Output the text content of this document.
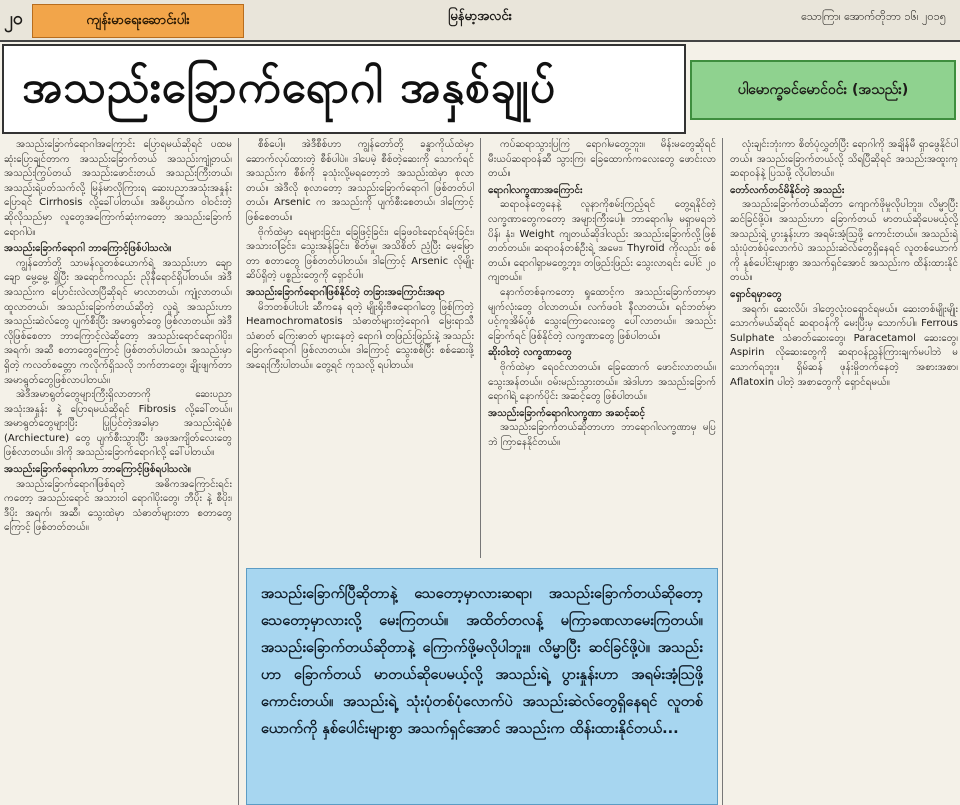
၂၀	ကျန်းမာရေးဆောင်းပါး	မြန်မာ့အလင်း	သောကြာ၊ အောက်တိုဘာ ၁၆၊ ၂၀၁၅
အသည်းခြောက်ရောဂါ အနှစ်ချုပ်	ပါမောက္ခခင်မောင်ဝင်း (အသည်း)

အသည်းခြောက်ရောဂါအကြောင်း ပြောရမယ်ဆိုရင် ပထမဆုံးပြောချင်တာက အသည်းခြောက်တယ် အသည်းကျုံ့တယ်၊ အသည်းကြွပ်တယ် အသည်းဖောင်းတယ် အသည်းကြီးတယ်၊ အသည်းရဲ့ပတ်သက်လို့ မြန်မာလိုကြားရ ဆေးပညာအသုံးအနှုန်းပြောရင် Cirrhosis လို့ခေါ်ပါတယ်။ အဓိပ္ပာယ်က ဝါဝင်းတဲ့ဆိုလိုသည်မှာ လူတွေအကြောက်ဆုံးကတော့ အသည်းခြောက်ရောဂါပဲ။

အသည်းခြောက်ရောဂါ ဘာကြောင့်ဖြစ်ပါသလဲ။

ကျွန်တော်တို့ သာမန်လူတစ်ယောက်ရဲ့ အသည်းဟာ ချောချော မွေ့မွေ့ ရှိပြီး အရောင်ကလည်း ညိုနီရောင်ရှိပါတယ်။ အဲဒီအသည်းက ပြောင်းလဲလာပြီဆိုရင် မာလာတယ်၊ ကျုံ့လာတယ်၊ ထူလာတယ်၊ အသည်းခြောက်တယ်ဆိုတဲ့ လူရဲ့ အသည်းဟာ အသည်းဆဲလ်တွေ ပျက်စီးပြီး အမာရွတ်တွေ ဖြစ်လာတယ်။ အဲဒီလိုဖြစ်စေတာ ဘာကြောင့်လဲဆိုတော့ အသည်းရောင်ရောဂါပိုး၊ အရက်၊ အဆီ စတာတွေကြောင့် ဖြစ်တတ်ပါတယ်။ အသည်းမှာရှိတဲ့ ကလတ်စတ္တော ကလိုက်ရှိသလို ဘက်တာတွေ၊ ချိုးဖျက်တာ အမာရွတ်တွေဖြစ်လာပါတယ်။

အဲဒီအမာရွတ်တွေများကြီးရှိလာတာကို ဆေးပညာအသုံးအနှုန်း နဲ့ ပြောရမယ်ဆိုရင် Fibrosis လို့ခေါ်တယ်။ အမာရွတ်တွေများပြီး ပြုပြင်တဲ့အခါမှာ အသည်းရဲ့ပုံစံ (Archiecture) တွေ ပျက်စီးသွားပြီး အဖုအကျိတ်လေးတွေဖြစ်လာတယ်။ ဒါကို အသည်းခြောက်ရောဂါလို့ ခေါ်ပါတယ်။

အသည်းခြောက်ရောဂါဟာ ဘာကြောင့်ဖြစ်ရပါသလဲ။

အသည်းခြောက်ရောဂါဖြစ်ရတဲ့ အဓိကအကြောင်းရင်းကတော့ အသည်းရောင် အသားဝါ ရောဂါပိုးတွေ၊ ဘီပိုး နဲ့ စီပိုး၊ ဒီပိုး အရက်၊ အဆီ၊ သွေးထဲမှာ သံဓာတ်များတာ စတာတွေကြောင့် ဖြစ်တတ်တယ်။

စီစ်ပေါ့။ အဲဒီစီစ်ဟာ ကျွန်တော်တို့ ခန္ဓာကိုယ်ထဲမှာ ဆောက်လုပ်ထားတဲ့ စီစ်ပါပဲ။ ဒါပေမဲ့ စီစ်တဲ့ဆေးကို သောက်ရင် အသည်းက စီစ်ကို ခုသုံးလို့မရတော့ဘဲ အသည်းထဲမှာ စုလာတယ်။ အဲဒီလို စုလာတော့ အသည်းခြောက်ရောဂါ ဖြစ်တတ်ပါတယ်။ Arsenic က အသည်းကို ပျက်စီးစေတယ်၊ ဒါကြောင့် ဖြစ်စေတယ်။

ဗိုက်ထဲမှာ ရေများခြင်း၊ ခြေဖြင့်ခြင်း၊ ခြေဖဝါးရောင်ရမ်းခြင်း၊ အသားဝါခြင်း၊ သွေးအန်ခြင်း၊ စိတ်မှု၊ အသိစိတ် ညံ့ပြီး မေ့မြောတာ စတာတွေ ဖြစ်တတ်ပါတယ်။ ဒါကြောင့် Arsenic လိုမျိုး ဆိပ်ရှိတဲ့ ပစ္စည်းတွေကို ရှောင်ပါ။

အသည်းခြောက်ရောဂါဖြစ်နိုင်တဲ့ တခြားအကြောင်းအရာ

မိဘတစ်ပါးပါး ဆီကနေ ရတဲ့ မျိုးရိုးဗီဇရောဂါတွေ ဖြစ်ကြတဲ့ Heamochromatosis သံဓာတ်များတဲ့ရောဂါ၊ မြေးရာသီ သံဓာတ် ကြေးဓာတ် များနေတဲ့ ရောဂါ၊ တဖြည်းဖြည်းနဲ့ အသည်းခြောက်ရောဂါ ဖြစ်လာတယ်။ ဒါကြောင့် သွေးစစ်ပြီး စစ်ဆေးဖို့ အရေးကြီးပါတယ်။ တွေ့ရင် ကုသလို့ ရပါတယ်။

ကပ်ဆရာသွားပြကြ ရောဂါမတွေ့ဘူး။ မိန်းမတွေဆိုရင် မီးယပ်ဆရာဝန်ဆီ သွားကြ၊ ခြေထောက်ကလေးတွေ ဖောင်းလာတယ်။

ရောဂါလက္ခဏာအကြောင်း

ဆရာဝန်တွေနေနဲ့ လူနာကိုစမ်းကြည့်ရင် တွေ့ရနိုင်တဲ့ လက္ခဏာတွေကတော့ အများကြီးပေါ့။ ဘာရောဂါမှ မရှာမရဘဲ ပိန်၊ နုံး၊ Weight ကျတယ်ဆိုဒါလည်း အသည်းခြောက်လို့ဖြစ်တတ်တယ်။ ဆရာဝန်တစ်ဦးရဲ့ အမေး၊ Thyroid ကိုလည်း စစ်တယ်။ ရောဂါရှာမတွေ့ဘူး၊ တဖြည်းဖြည်း သွေးလာရင်း ပေါင် ၂၀ ကျတယ်။

နောက်တစ်ခုကတော့ ရှုထောင့်က အသည်းခြောက်တာမှာ မျက်လုံးတွေ ဝါလာတယ်။ လက်ဖဝါး နီလာတယ်။ ရင်ဘတ်မှာ ပင့်ကူအိမ်ပုံစံ သွေးကြောလေးတွေ ပေါ်လာတယ်။ အသည်းခြောက်ရင် ဖြစ်နိုင်တဲ့ လက္ခဏာတွေ ဖြစ်ပါတယ်။

ဆိုးဝါးတဲ့ လက္ခဏာတွေ

ဗိုက်ထဲမှာ ရေဝင်လာတယ်။ ခြေထောက် ဖောင်းလာတယ်။ သွေးအန်တယ်။ ဝမ်းမည်းသွားတယ်။ အဲဒါဟာ အသည်းခြောက်ရောဂါရဲ့ နောက်ပိုင်း အဆင့်တွေ ဖြစ်ပါတယ်။

အသည်းခြောက်ရောဂါလက္ခဏာ အဆင့်ဆင့်

အသည်းခြောက်တယ်ဆိုတာဟာ ဘာရောဂါလက္ခဏာမှ မပြဘဲ ကြာနေနိုင်တယ်။

လုံးချင်းဘုံးကာ စိတ်ပုံလွှတ်ပြီး ရောဂါကို အချိန်မီ ရှာဖွေနိုင်ပါတယ်။ အသည်းခြောက်တယ်လို့ သိရပြီဆိုရင် အသည်းအထူးကု ဆရာဝန်နဲ့ ပြသဖို့ လိုပါတယ်။

တော်လက်တင်မိနိုင်တဲ့ အသည်း

အသည်းခြောက်တယ်ဆိုတာ ကျောက်ဖိုမှုလိုပါဘူး။ လိမ္မာပြီး ဆင်ခြင်ဖို့ပဲ။ အသည်းဟာ ခြောက်တယ် မာတယ်ဆိုပေမယ့်လို့ အသည်းရဲ့ ပွားနှုန်းဟာ အရမ်းအံ့သြဖို့ ကောင်းတယ်။ အသည်းရဲ့ သုံးပုံတစ်ပုံလောက်ပဲ အသည်းဆဲလ်တွေရှိနေရင် လူတစ်ယောက်ကို နှစ်ပေါင်းများစွာ အသက်ရှင်အောင် အသည်းက ထိန်းထားနိုင်တယ်။

ရှောင်ရမှာတွေ

အရက်၊ ဆေးလိပ်၊ ဒါတွေလုံးဝရှောင်ရမယ်။ ဆေးတစ်မျိုးမျိုး သောက်မယ်ဆိုရင် ဆရာဝန်ကို မေးပြီးမှ သောက်ပါ။ Ferrous Sulphate သံဓာတ်ဆေးတွေ၊ Paracetamol ဆေးတွေ၊ Aspirin လိုဆေးတွေကို ဆရာဝန်ညွှန်ကြားချက်မပါဘဲ မသောက်ရဘူး။ ရှိမ်ဆန် ဖုန်းမှိုတက်နေတဲ့ အစားအစာ၊ Aflatoxin ပါတဲ့ အစာတွေကို ရှောင်ရမယ်။

အသည်းခြောက်ပြီဆိုတာနဲ့ သေတော့မှာလားဆရာ၊ အသည်းခြောက်တယ်ဆိုတော့ သေတော့မှာလားလို့ မေးကြတယ်။ အထိတ်တလန့် မကြာခဏလာမေးကြတယ်။ အသည်းခြောက်တယ်ဆိုတာနဲ့ ကြောက်ဖို့မလိုပါဘူး။ လိမ္မာပြီး ဆင်ခြင်ဖို့ပဲ။ အသည်းဟာ ခြောက်တယ် မာတယ်ဆိုပေမယ့်လို့ အသည်းရဲ့ ပွားနှုန်းဟာ အရမ်းအံ့သြဖို့ ကောင်းတယ်။ အသည်းရဲ့ သုံးပုံတစ်ပုံလောက်ပဲ အသည်းဆဲလ်တွေရှိနေရင် လူတစ်ယောက်ကို နှစ်ပေါင်းများစွာ အသက်ရှင်အောင် အသည်းက ထိန်းထားနိုင်တယ်...
